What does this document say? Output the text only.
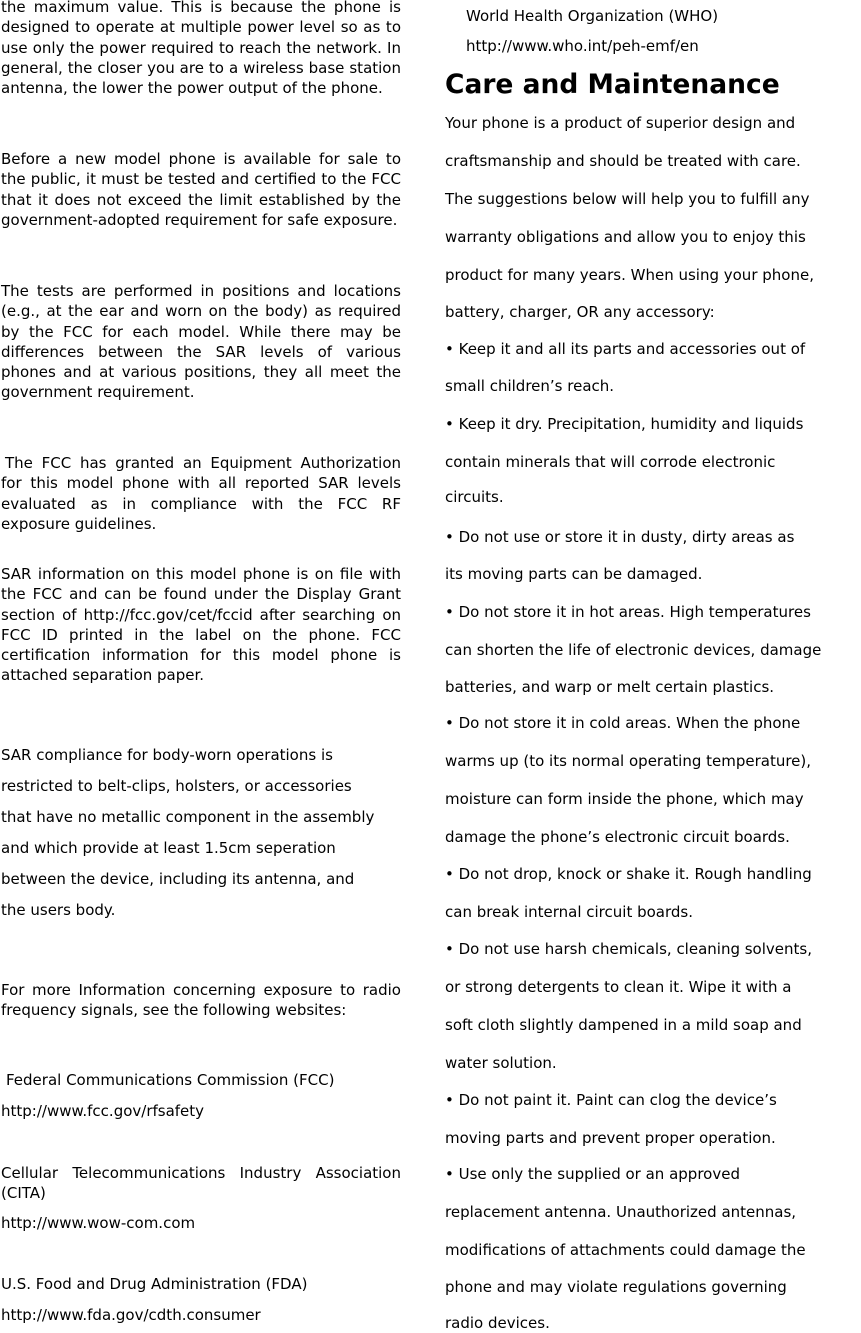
the maximum value. This is because the phone is designed to operate at multiple power level so as to use only the power required to reach the network. In general, the closer you are to a wireless base station antenna, the lower the power output of the phone.

Before a new model phone is available for sale to the public, it must be tested and certified to the FCC that it does not exceed the limit established by the government-adopted requirement for safe exposure.

The tests are performed in positions and locations (e.g., at the ear and worn on the body) as required by the FCC for each model. While there may be differences between the SAR levels of various phones and at various positions, they all meet the government requirement.

The FCC has granted an Equipment Authorization for this model phone with all reported SAR levels evaluated as in compliance with the FCC RF exposure guidelines.

SAR information on this model phone is on file with the FCC and can be found under the Display Grant section of http://fcc.gov/cet/fccid after searching on FCC ID printed in the label on the phone. FCC certification information for this model phone is attached separation paper.

SAR compliance for body-worn operations is
restricted to belt-clips, holsters, or accessories
that have no metallic component in the assembly
and which provide at least 1.5cm seperation
between the device, including its antenna, and
the users body.

For more Information concerning exposure to radio frequency signals, see the following websites:

Federal Communications Commission (FCC)
http://www.fcc.gov/rfsafety

Cellular Telecommunications Industry Association (CITA)

http://www.wow-com.com
U.S. Food and Drug Administration (FDA)
http://www.fda.gov/cdth.consumer
World Health Organization (WHO)
http://www.who.int/peh-emf/en
Care and Maintenance
Your phone is a product of superior design and
craftsmanship and should be treated with care.
The suggestions below will help you to fulfill any
warranty obligations and allow you to enjoy this
product for many years. When using your phone,
battery, charger, OR any accessory:
• Keep it and all its parts and accessories out of
small children’s reach.
• Keep it dry. Precipitation, humidity and liquids
contain minerals that will corrode electronic
circuits.
• Do not use or store it in dusty, dirty areas as
its moving parts can be damaged.
• Do not store it in hot areas. High temperatures
can shorten the life of electronic devices, damage
batteries, and warp or melt certain plastics.
• Do not store it in cold areas. When the phone
warms up (to its normal operating temperature),
moisture can form inside the phone, which may
damage the phone’s electronic circuit boards.
• Do not drop, knock or shake it. Rough handling
can break internal circuit boards.
• Do not use harsh chemicals, cleaning solvents,
or strong detergents to clean it. Wipe it with a
soft cloth slightly dampened in a mild soap and
water solution.
• Do not paint it. Paint can clog the device’s
moving parts and prevent proper operation.
• Use only the supplied or an approved
replacement antenna. Unauthorized antennas,
modifications of attachments could damage the
phone and may violate regulations governing
radio devices.
